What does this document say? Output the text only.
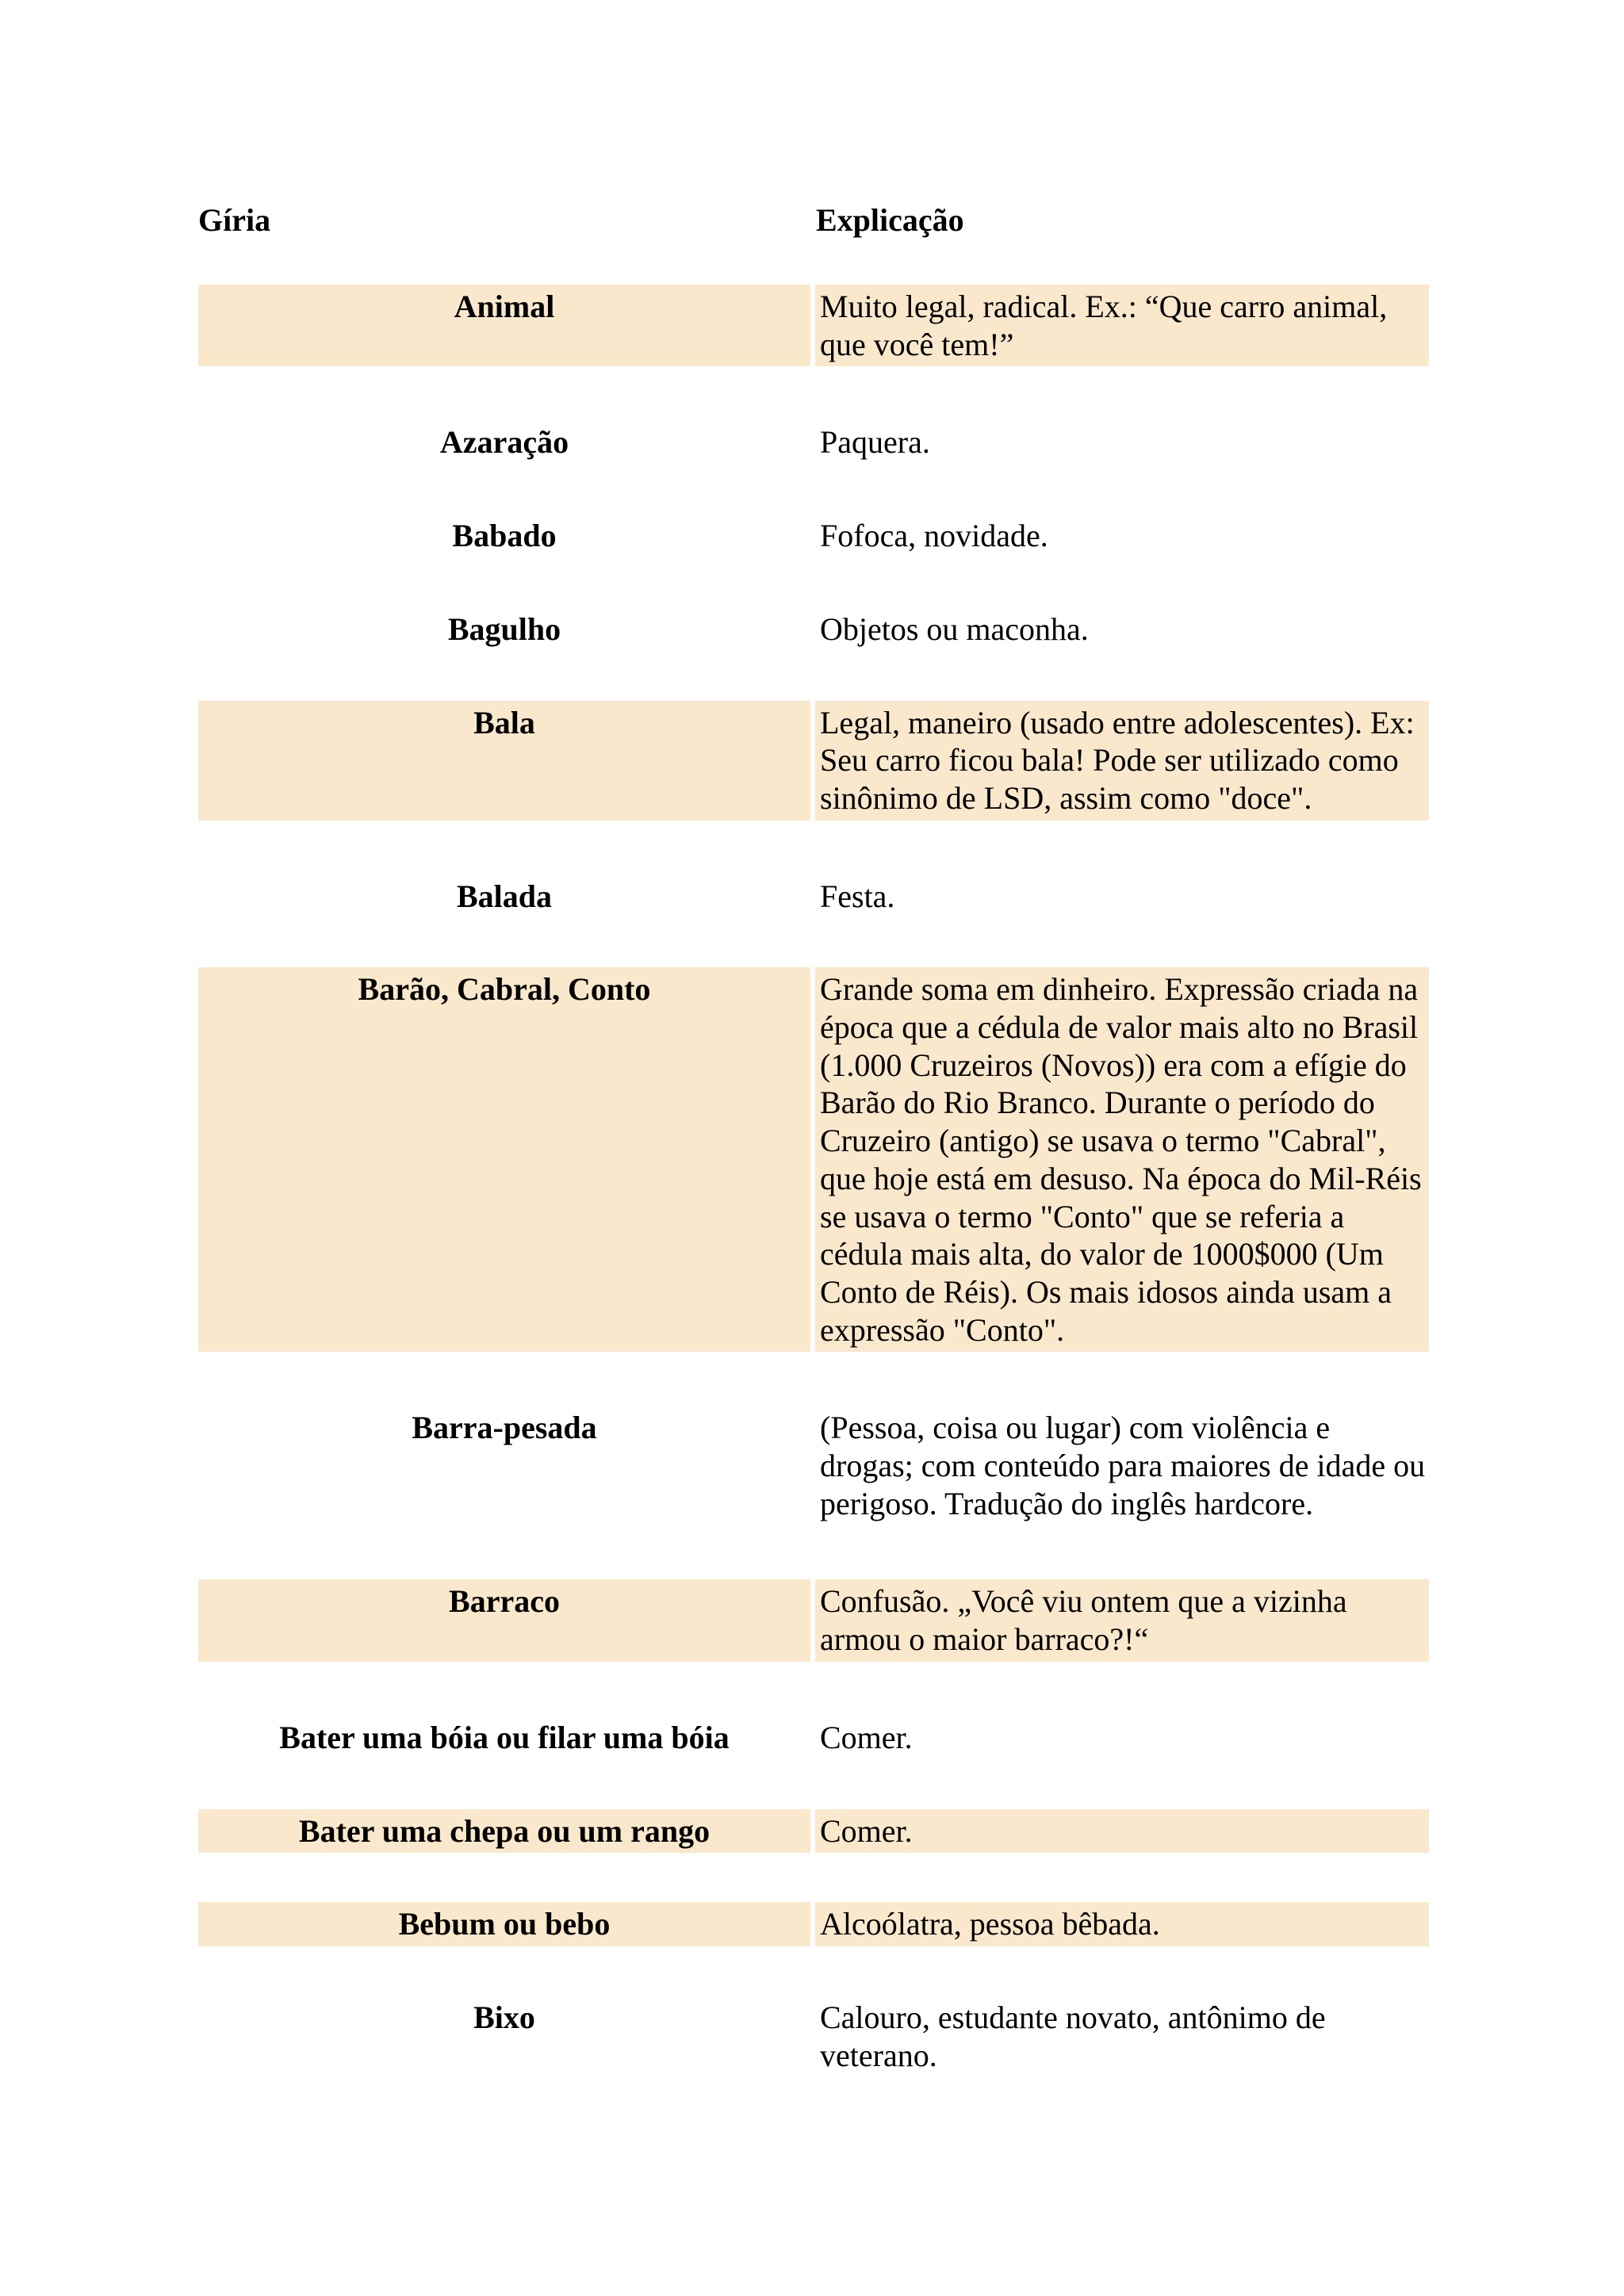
Gíria	Explicação
Animal	Muito legal, radical. Ex.: “Que carro animal, que você tem!”
Azaração	Paquera.
Babado	Fofoca, novidade.
Bagulho	Objetos ou maconha.
Bala	Legal, maneiro (usado entre adolescentes). Ex: Seu carro ficou bala! Pode ser utilizado como sinônimo de LSD, assim como "doce".
Balada	Festa.
Barão, Cabral, Conto	Grande soma em dinheiro. Expressão criada na época que a cédula de valor mais alto no Brasil (1.000 Cruzeiros (Novos)) era com a efígie do Barão do Rio Branco. Durante o período do Cruzeiro (antigo) se usava o termo "Cabral", que hoje está em desuso. Na época do Mil-Réis se usava o termo "Conto" que se referia a cédula mais alta, do valor de 1000$000 (Um Conto de Réis). Os mais idosos ainda usam a expressão "Conto".
Barra-pesada	(Pessoa, coisa ou lugar) com violência e drogas; com conteúdo para maiores de idade ou perigoso. Tradução do inglês hardcore.
Barraco	Confusão. „Você viu ontem que a vizinha armou o maior barraco?!“
Bater uma bóia ou filar uma bóia	Comer.
Bater uma chepa ou um rango	Comer.
Bebum ou bebo	Alcoólatra, pessoa bêbada.
Bixo	Calouro, estudante novato, antônimo de veterano.
